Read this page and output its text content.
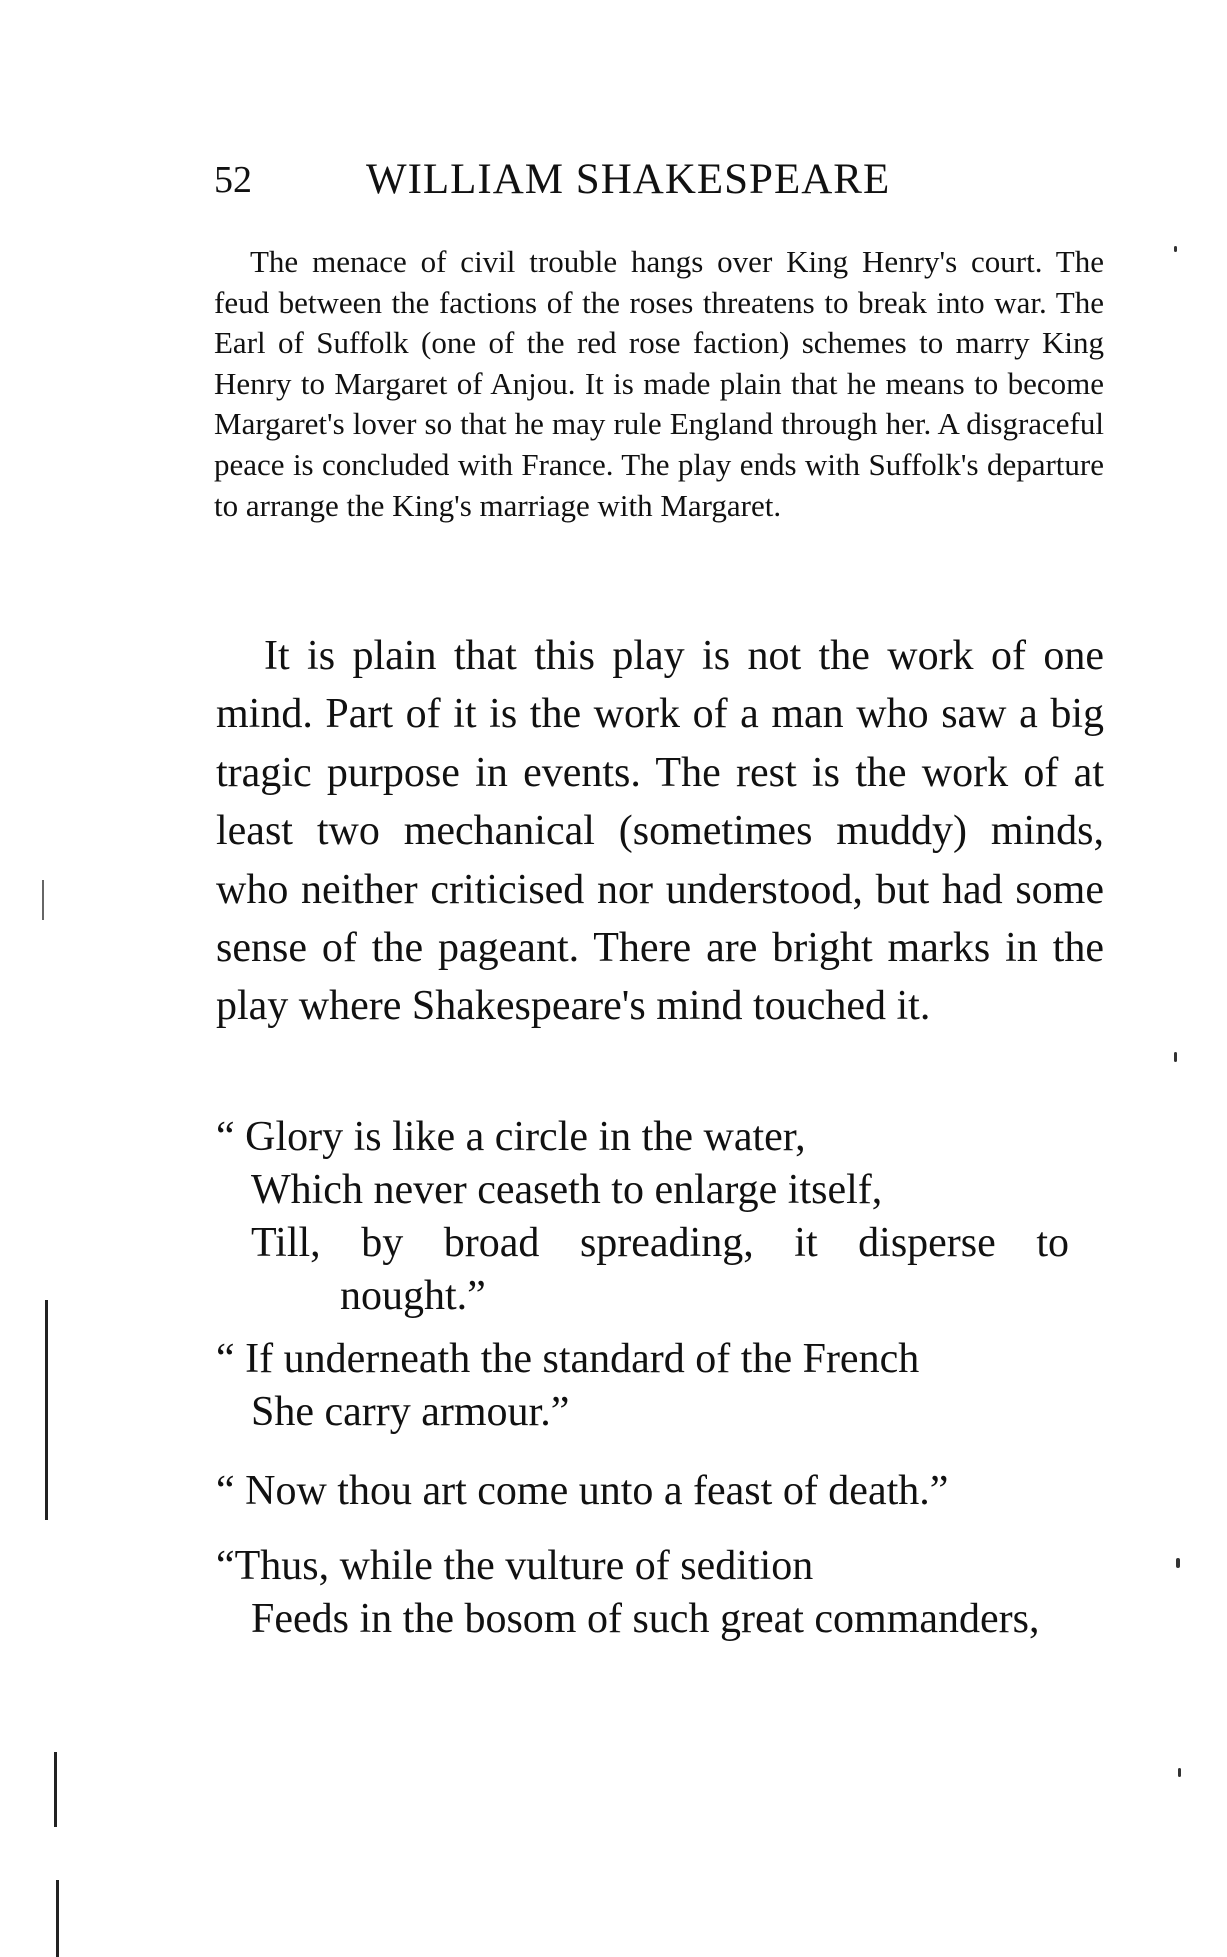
52	WILLIAM SHAKESPEARE

The menace of civil trouble hangs over King Henry's court. The feud between the factions of the roses threatens to break into war. The Earl of Suffolk (one of the red rose faction) schemes to marry King Henry to Margaret of Anjou. It is made plain that he means to become Margaret's lover so that he may rule England through her. A disgraceful peace is concluded with France. The play ends with Suffolk's departure to arrange the King's marriage with Margaret.

It is plain that this play is not the work of one mind. Part of it is the work of a man who saw a big tragic purpose in events. The rest is the work of at least two mechanical (sometimes muddy) minds, who neither criticised nor understood, but had some sense of the pageant. There are bright marks in the play where Shakespeare's mind touched it.

“ Glory is like a circle in the water,
Which never ceaseth to enlarge itself,
Till, by broad spreading, it disperse to
nought.”
“ If underneath the standard of the French
She carry armour.”
“ Now thou art come unto a feast of death.”
“Thus, while the vulture of sedition
Feeds in the bosom of such great commanders,
